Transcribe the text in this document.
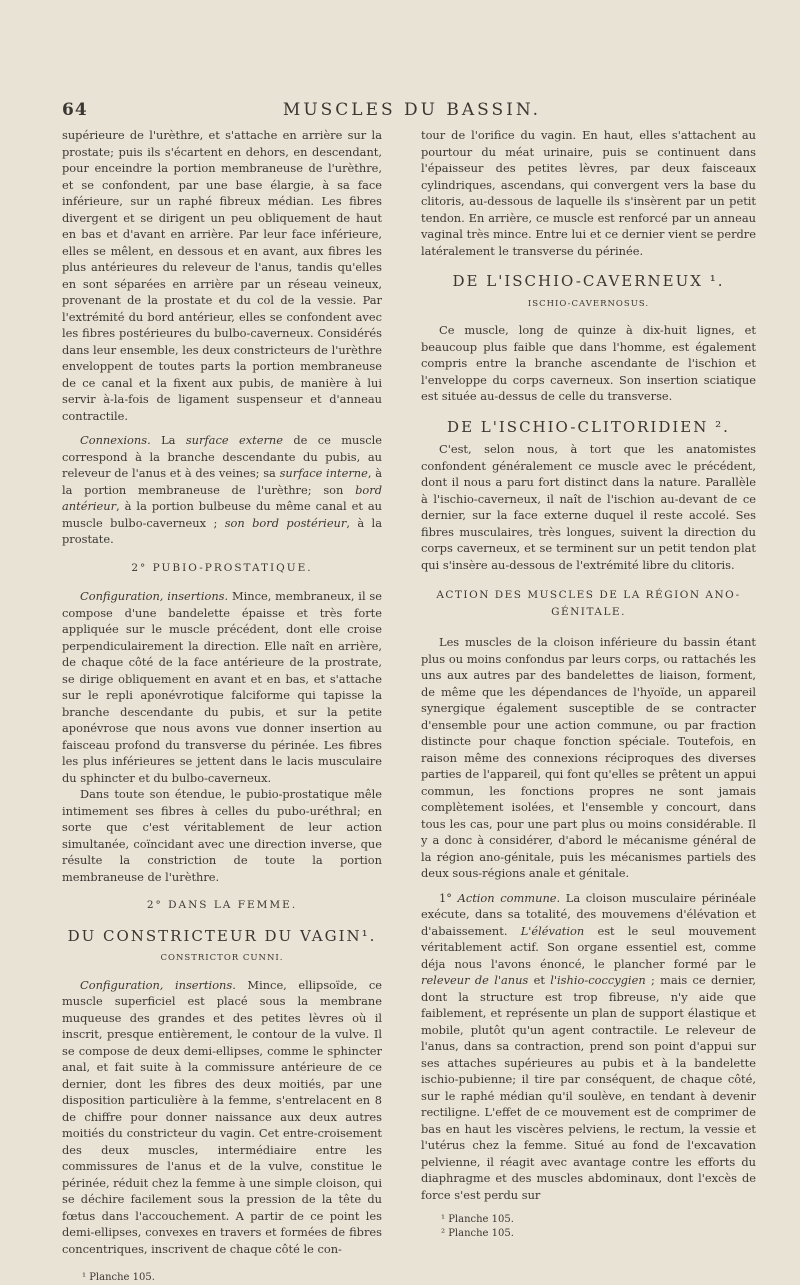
64	MUSCLES DU BASSIN.

supérieure de l'urèthre, et s'attache en arrière sur la prostate; puis ils s'écartent en dehors, en descendant, pour enceindre la portion membraneuse de l'urèthre, et se confondent, par une base élargie, à sa face inférieure, sur un raphé fibreux médian. Les fibres divergent et se dirigent un peu obliquement de haut en bas et d'avant en arrière. Par leur face inférieure, elles se mêlent, en dessous et en avant, aux fibres les plus antérieures du releveur de l'anus, tandis qu'elles en sont séparées en arrière par un réseau veineux, provenant de la prostate et du col de la vessie. Par l'extrémité du bord antérieur, elles se confondent avec les fibres postérieures du bulbo-caverneux. Considérés dans leur ensemble, les deux constricteurs de l'urèthre enveloppent de toutes parts la portion membraneuse de ce canal et la fixent aux pubis, de manière à lui servir à-la-fois de ligament suspenseur et d'anneau contractile.

Connexions. La surface externe de ce muscle correspond à la branche descendante du pubis, au releveur de l'anus et à des veines; sa surface interne, à la portion membraneuse de l'urèthre; son bord antérieur, à la portion bulbeuse du même canal et au muscle bulbo-caverneux ; son bord postérieur, à la prostate.

2° PUBIO-PROSTATIQUE.

Configuration, insertions. Mince, membraneux, il se compose d'une bandelette épaisse et très forte appliquée sur le muscle précédent, dont elle croise perpendiculairement la direction. Elle naît en arrière, de chaque côté de la face antérieure de la prostrate, se dirige obliquement en avant et en bas, et s'attache sur le repli aponévrotique falciforme qui tapisse la branche descendante du pubis, et sur la petite aponévrose que nous avons vue donner insertion au faisceau profond du transverse du périnée. Les fibres les plus inférieures se jettent dans le lacis musculaire du sphincter et du bulbo-caverneux.

Dans toute son étendue, le pubio-prostatique mêle intimement ses fibres à celles du pubo-uréthral; en sorte que c'est véritablement de leur action simultanée, coïncidant avec une direction inverse, que résulte la constriction de toute la portion membraneuse de l'urèthre.

2° DANS LA FEMME.
DU CONSTRICTEUR DU VAGIN¹.
CONSTRICTOR CUNNI.

Configuration, insertions. Mince, ellipsoïde, ce muscle superficiel est placé sous la membrane muqueuse des grandes et des petites lèvres où il inscrit, presque entièrement, le contour de la vulve. Il se compose de deux demi-ellipses, comme le sphincter anal, et fait suite à la commissure antérieure de ce dernier, dont les fibres des deux moitiés, par une disposition particulière à la femme, s'entrelacent en 8 de chiffre pour donner naissance aux deux autres moitiés du constricteur du vagin. Cet entre-croisement des deux muscles, intermédiaire entre les commissures de l'anus et de la vulve, constitue le périnée, réduit chez la femme à une simple cloison, qui se déchire facilement sous la pression de la tête du fœtus dans l'accouchement. A partir de ce point les demi-ellipses, convexes en travers et formées de fibres concentriques, inscrivent de chaque côté le con-

¹ Planche 105.

tour de l'orifice du vagin. En haut, elles s'attachent au pourtour du méat urinaire, puis se continuent dans l'épaisseur des petites lèvres, par deux faisceaux cylindriques, ascendans, qui convergent vers la base du clitoris, au-dessous de laquelle ils s'insèrent par un petit tendon. En arrière, ce muscle est renforcé par un anneau vaginal très mince. Entre lui et ce dernier vient se perdre latéralement le transverse du périnée.

DE L'ISCHIO-CAVERNEUX ¹.
ISCHIO-CAVERNOSUS.

Ce muscle, long de quinze à dix-huit lignes, et beaucoup plus faible que dans l'homme, est également compris entre la branche ascendante de l'ischion et l'enveloppe du corps caverneux. Son insertion sciatique est située au-dessus de celle du transverse.

DE L'ISCHIO-CLITORIDIEN ².

C'est, selon nous, à tort que les anatomistes confondent généralement ce muscle avec le précédent, dont il nous a paru fort distinct dans la nature. Parallèle à l'ischio-caverneux, il naît de l'ischion au-devant de ce dernier, sur la face externe duquel il reste accolé. Ses fibres musculaires, très longues, suivent la direction du corps caverneux, et se terminent sur un petit tendon plat qui s'insère au-dessous de l'extrémité libre du clitoris.

ACTION DES MUSCLES DE LA RÉGION ANO-GÉNITALE.

Les muscles de la cloison inférieure du bassin étant plus ou moins confondus par leurs corps, ou rattachés les uns aux autres par des bandelettes de liaison, forment, de même que les dépendances de l'hyoïde, un appareil synergique également susceptible de se contracter d'ensemble pour une action commune, ou par fraction distincte pour chaque fonction spéciale. Toutefois, en raison même des connexions réciproques des diverses parties de l'appareil, qui font qu'elles se prêtent un appui commun, les fonctions propres ne sont jamais complètement isolées, et l'ensemble y concourt, dans tous les cas, pour une part plus ou moins considérable. Il y a donc à considérer, d'abord le mécanisme général de la région ano-génitale, puis les mécanismes partiels des deux sous-régions anale et génitale.

1° Action commune. La cloison musculaire périnéale exécute, dans sa totalité, des mouvemens d'élévation et d'abaissement. L'élévation est le seul mouvement véritablement actif. Son organe essentiel est, comme déja nous l'avons énoncé, le plancher formé par le releveur de l'anus et l'ishio-coccygien ; mais ce dernier, dont la structure est trop fibreuse, n'y aide que faiblement, et représente un plan de support élastique et mobile, plutôt qu'un agent contractile. Le releveur de l'anus, dans sa contraction, prend son point d'appui sur ses attaches supérieures au pubis et à la bandelette ischio-pubienne; il tire par conséquent, de chaque côté, sur le raphé médian qu'il soulève, en tendant à devenir rectiligne. L'effet de ce mouvement est de comprimer de bas en haut les viscères pelviens, le rectum, la vessie et l'utérus chez la femme. Situé au fond de l'excavation pelvienne, il réagit avec avantage contre les efforts du diaphragme et des muscles abdominaux, dont l'excès de force s'est perdu sur

¹ Planche 105.

² Planche 105.
